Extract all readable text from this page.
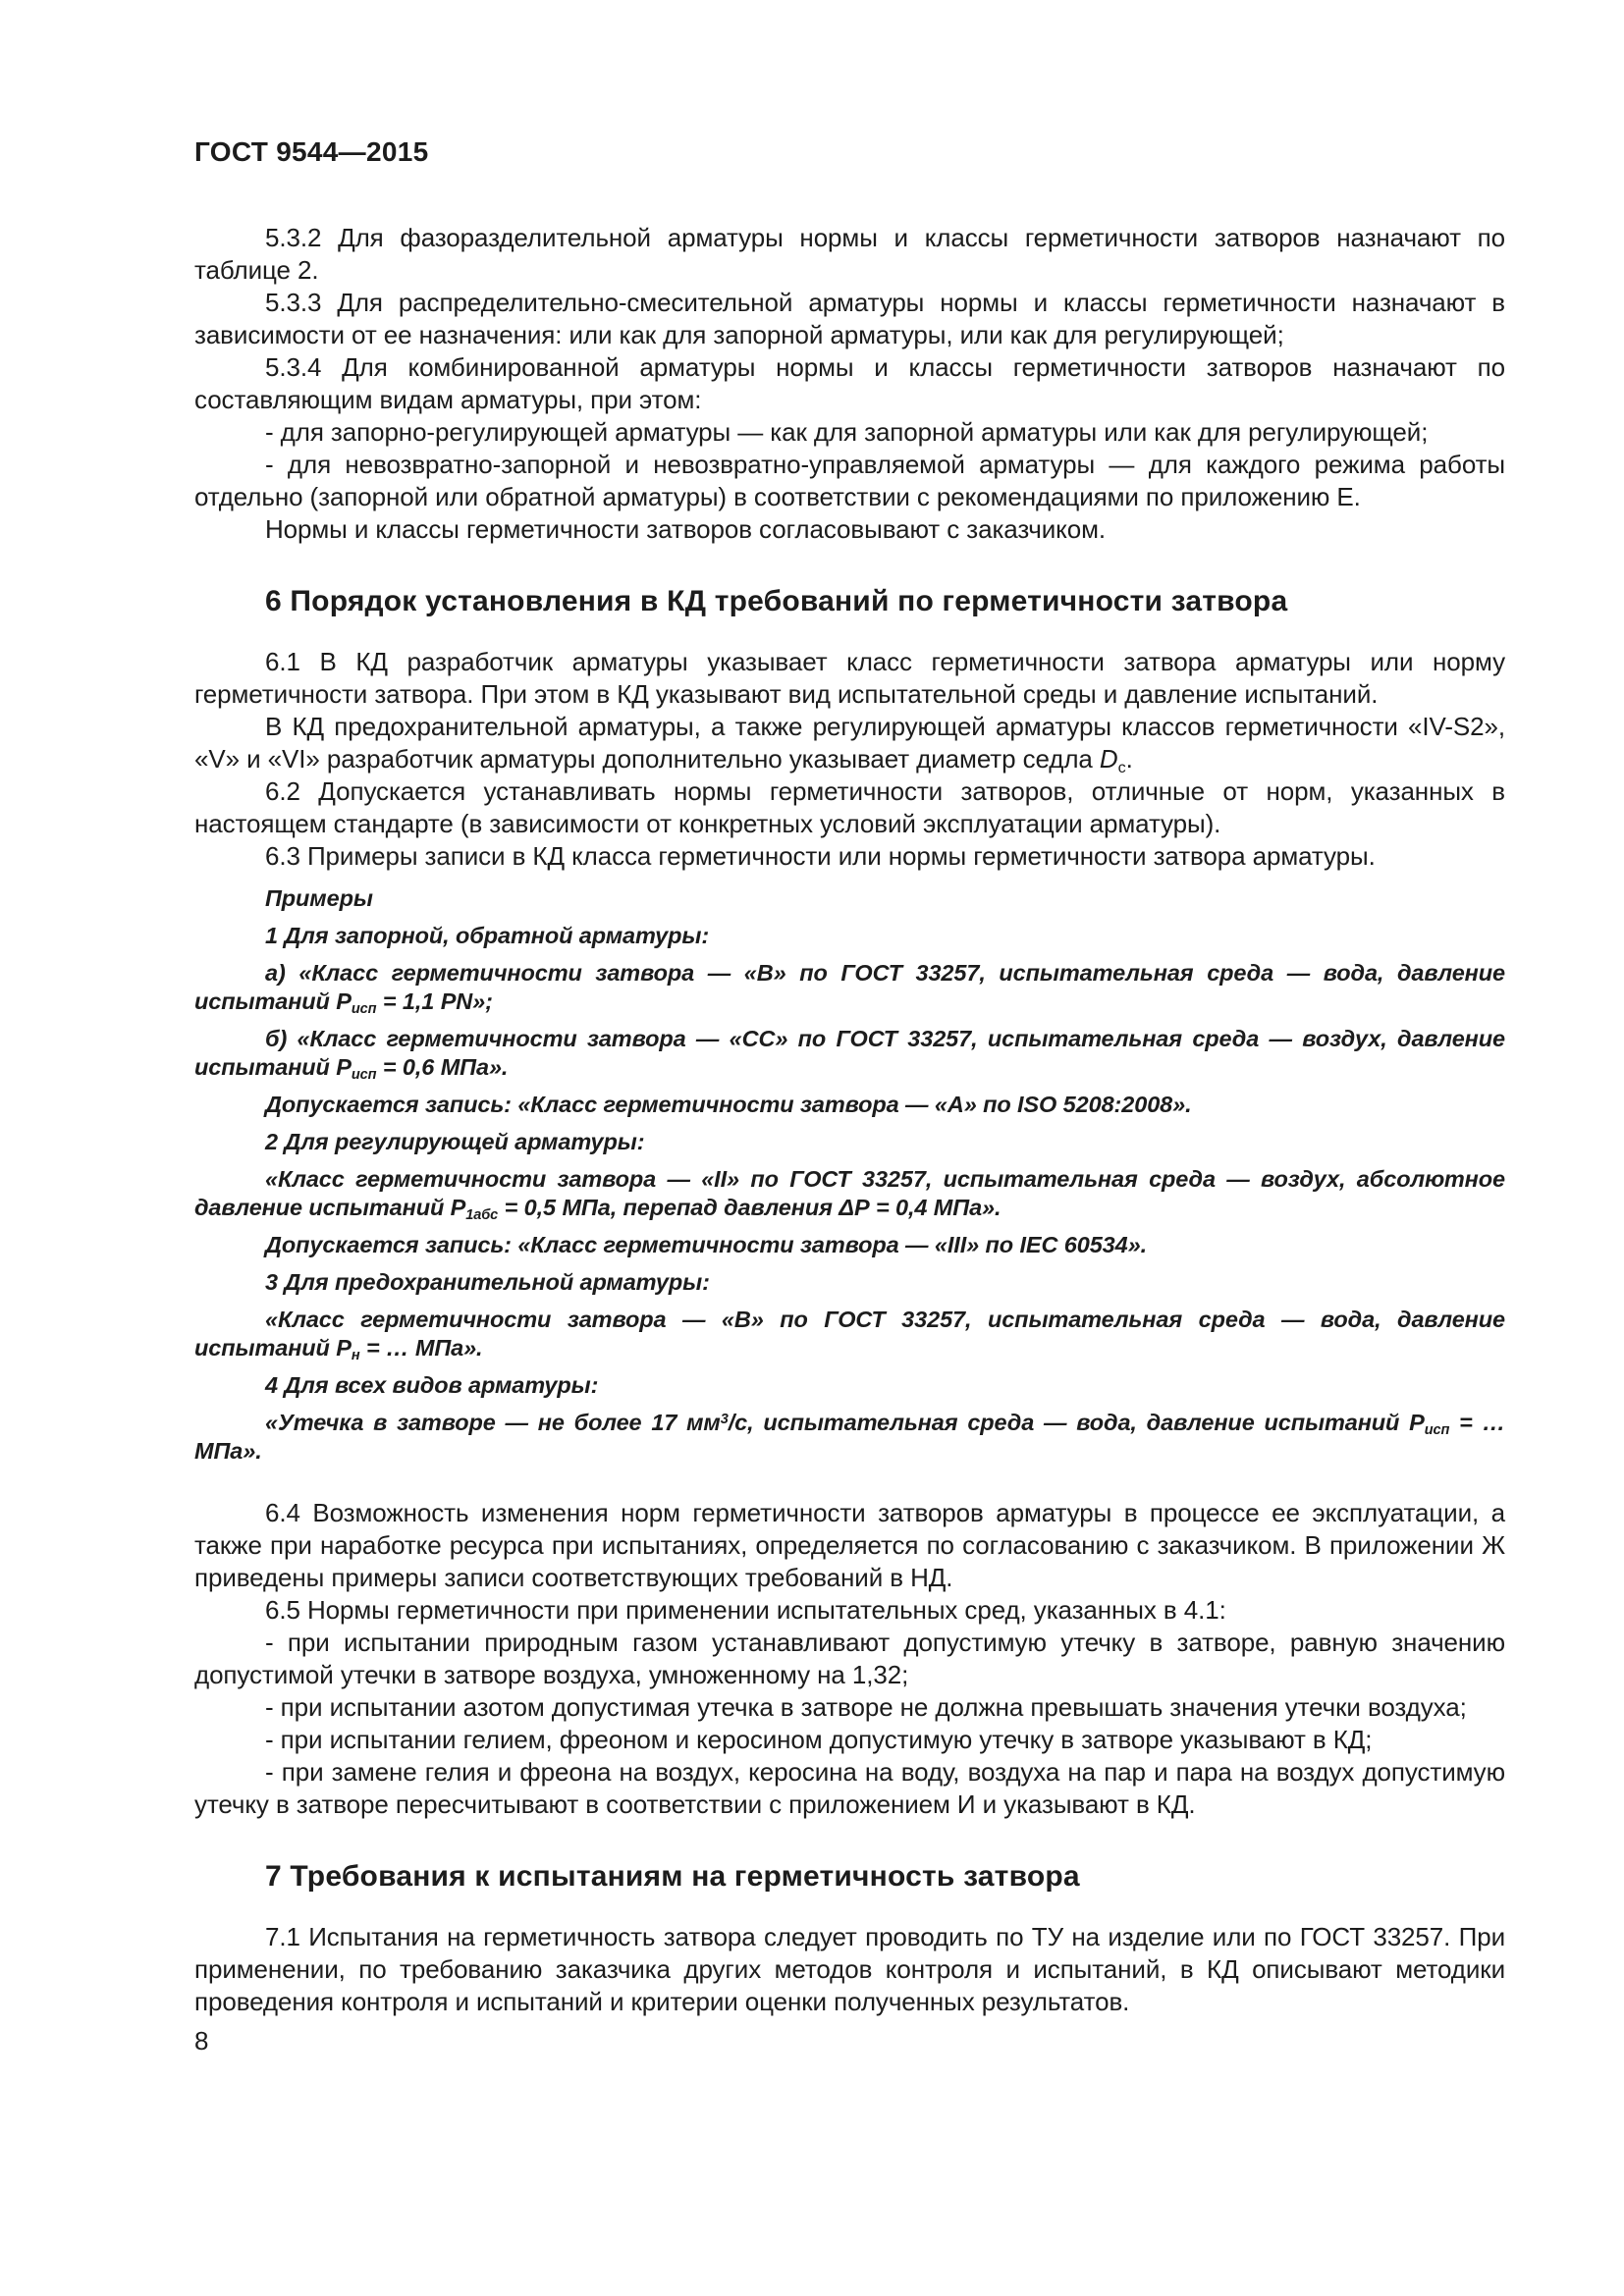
ГОСТ 9544—2015

5.3.2 Для фазоразделительной арматуры нормы и классы герметичности затворов назначают по таблице 2.

5.3.3 Для распределительно-смесительной арматуры нормы и классы герметичности назначают в зависимости от ее назначения: или как для запорной арматуры, или как для регулирующей;

5.3.4 Для комбинированной арматуры нормы и классы герметичности затворов назначают по составляющим видам арматуры, при этом:

- для запорно-регулирующей арматуры — как для запорной арматуры или как для регулирующей;

- для невозвратно-запорной и невозвратно-управляемой арматуры — для каждого режима работы отдельно (запорной или обратной арматуры) в соответствии с рекомендациями по приложению Е.

Нормы и классы герметичности затворов согласовывают с заказчиком.

6 Порядок установления в КД требований по герметичности затвора

6.1 В КД разработчик арматуры указывает класс герметичности затвора арматуры или норму герметичности затвора. При этом в КД указывают вид испытательной среды и давление испытаний.

В КД предохранительной арматуры, а также регулирующей арматуры классов герметичности «IV-S2», «V» и «VI» разработчик арматуры дополнительно указывает диаметр седла $D_с$.

6.2 Допускается устанавливать нормы герметичности затворов, отличные от норм, указанных в настоящем стандарте (в зависимости от конкретных условий эксплуатации арматуры).

6.3 Примеры записи в КД класса герметичности или нормы герметичности затвора арматуры.

Примеры

1 Для запорной, обратной арматуры:

а) «Класс герметичности затвора — «В» по ГОСТ 33257, испытательная среда — вода, давление испытаний $Р_{исп} = 1,1$ PN»;

б) «Класс герметичности затвора — «СС» по ГОСТ 33257, испытательная среда — воздух, давление испытаний $Р_{исп} = 0,6$ МПа».

Допускается запись: «Класс герметичности затвора — «А» по ISO 5208:2008».

2 Для регулирующей арматуры:

«Класс герметичности затвора — «II» по ГОСТ 33257, испытательная среда — воздух, абсолютное давление испытаний $Р_{1абс} = 0,5$ МПа, перепад давления ΔР = 0,4 МПа».

Допускается запись: «Класс герметичности затвора — «III» по IEC 60534».

3 Для предохранительной арматуры:

«Класс герметичности затвора — «В» по ГОСТ 33257, испытательная среда — вода, давление испытаний $Р_н$ = … МПа».

4 Для всех видов арматуры:

«Утечка в затворе — не более 17 $мм^3/с$, испытательная среда — вода, давление испытаний $Р_{исп}$ = … МПа».

6.4 Возможность изменения норм герметичности затворов арматуры в процессе ее эксплуатации, а также при наработке ресурса при испытаниях, определяется по согласованию с заказчиком. В приложении Ж приведены примеры записи соответствующих требований в НД.

6.5 Нормы герметичности при применении испытательных сред, указанных в 4.1:

- при испытании природным газом устанавливают допустимую утечку в затворе, равную значению допустимой утечки в затворе воздуха, умноженному на 1,32;

- при испытании азотом допустимая утечка в затворе не должна превышать значения утечки воздуха;

- при испытании гелием, фреоном и керосином допустимую утечку в затворе указывают в КД;

- при замене гелия и фреона на воздух, керосина на воду, воздуха на пар и пара на воздух допустимую утечку в затворе пересчитывают в соответствии с приложением И и указывают в КД.

7 Требования к испытаниям на герметичность затвора

7.1 Испытания на герметичность затвора следует проводить по ТУ на изделие или по ГОСТ 33257. При применении, по требованию заказчика других методов контроля и испытаний, в КД описывают методики проведения контроля и испытаний и критерии оценки полученных результатов.

8
